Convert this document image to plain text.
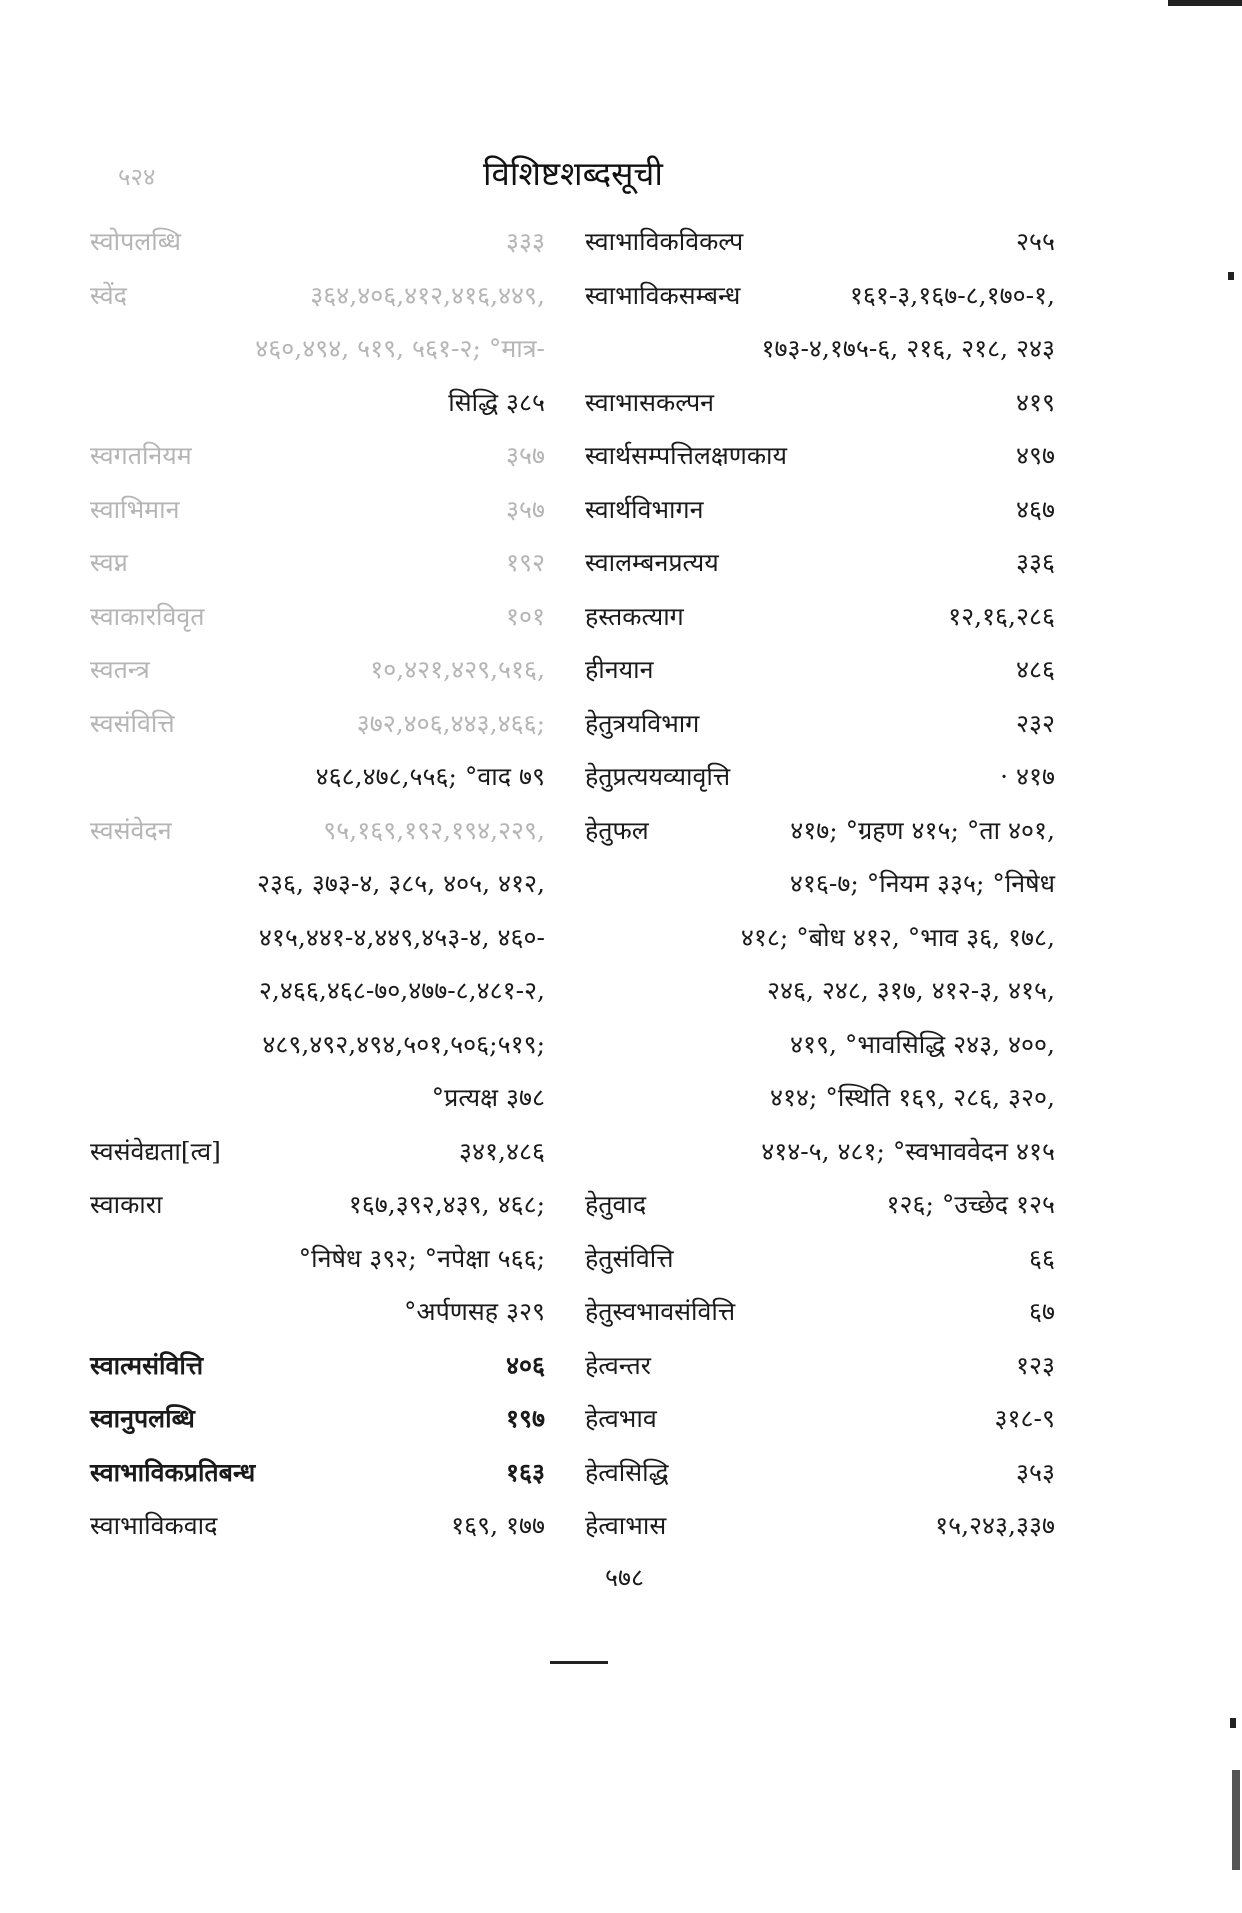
५२४	विशिष्टशब्दसूची
स्वोपलब्धि	३३३
स्वेंद	३६४,४०६,४१२,४१६,४४९,
४६०,४९४, ५१९, ५६१-२; °मात्र-
सिद्धि ३८५
स्वगतनियम	३५७
स्वाभिमान	३५७
स्वप्न	१९२
स्वाकारविवृत	१०१
स्वतन्त्र	१०,४२१,४२९,५१६,
स्वसंवित्ति	३७२,४०६,४४३,४६६;
४६८,४७८,५५६; °वाद ७९
स्वसंवेदन	९५,१६९,१९२,१९४,२२९,
२३६, ३७३-४, ३८५, ४०५, ४१२,
४१५,४४१-४,४४९,४५३-४, ४६०-
२,४६६,४६८-७०,४७७-८,४८१-२,
४८९,४९२,४९४,५०१,५०६;५१९;
°प्रत्यक्ष ३७८
स्वसंवेद्यता[त्व]	३४१,४८६
स्वाकारा	१६७,३९२,४३९, ४६८;
°निषेध ३९२; °नपेक्षा ५६६;
°अर्पणसह ३२९
स्वात्मसंवित्ति	४०६
स्वानुपलब्धि	१९७
स्वाभाविकप्रतिबन्ध	१६३
स्वाभाविकवाद	१६९, १७७
स्वाभाविकविकल्प	२५५
स्वाभाविकसम्बन्ध	१६१-३,१६७-८,१७०-१,
१७३-४,१७५-६, २१६, २१८, २४३
स्वाभासकल्पन	४१९
स्वार्थसम्पत्तिलक्षणकाय	४९७
स्वार्थविभागन	४६७
स्वालम्बनप्रत्यय	३३६
हस्तकत्याग	१२,१६,२८६
हीनयान	४८६
हेतुत्रयविभाग	२३२
हेतुप्रत्ययव्यावृत्ति	· ४१७
हेतुफल	४१७; °ग्रहण ४१५; °ता ४०१,
४१६-७; °नियम ३३५; °निषेध
४१८; °बोध ४१२, °भाव ३६, १७८,
२४६, २४८, ३१७, ४१२-३, ४१५,
४१९, °भावसिद्धि २४३, ४००,
४१४; °स्थिति १६९, २८६, ३२०,
४१४-५, ४८१; °स्वभाववेदन ४१५
हेतुवाद	१२६; °उच्छेद १२५
हेतुसंवित्ति	६६
हेतुस्वभावसंवित्ति	६७
हेत्वन्तर	१२३
हेत्वभाव	३१८-९
हेत्वसिद्धि	३५३
हेत्वाभास	१५,२४३,३३७
५७८
